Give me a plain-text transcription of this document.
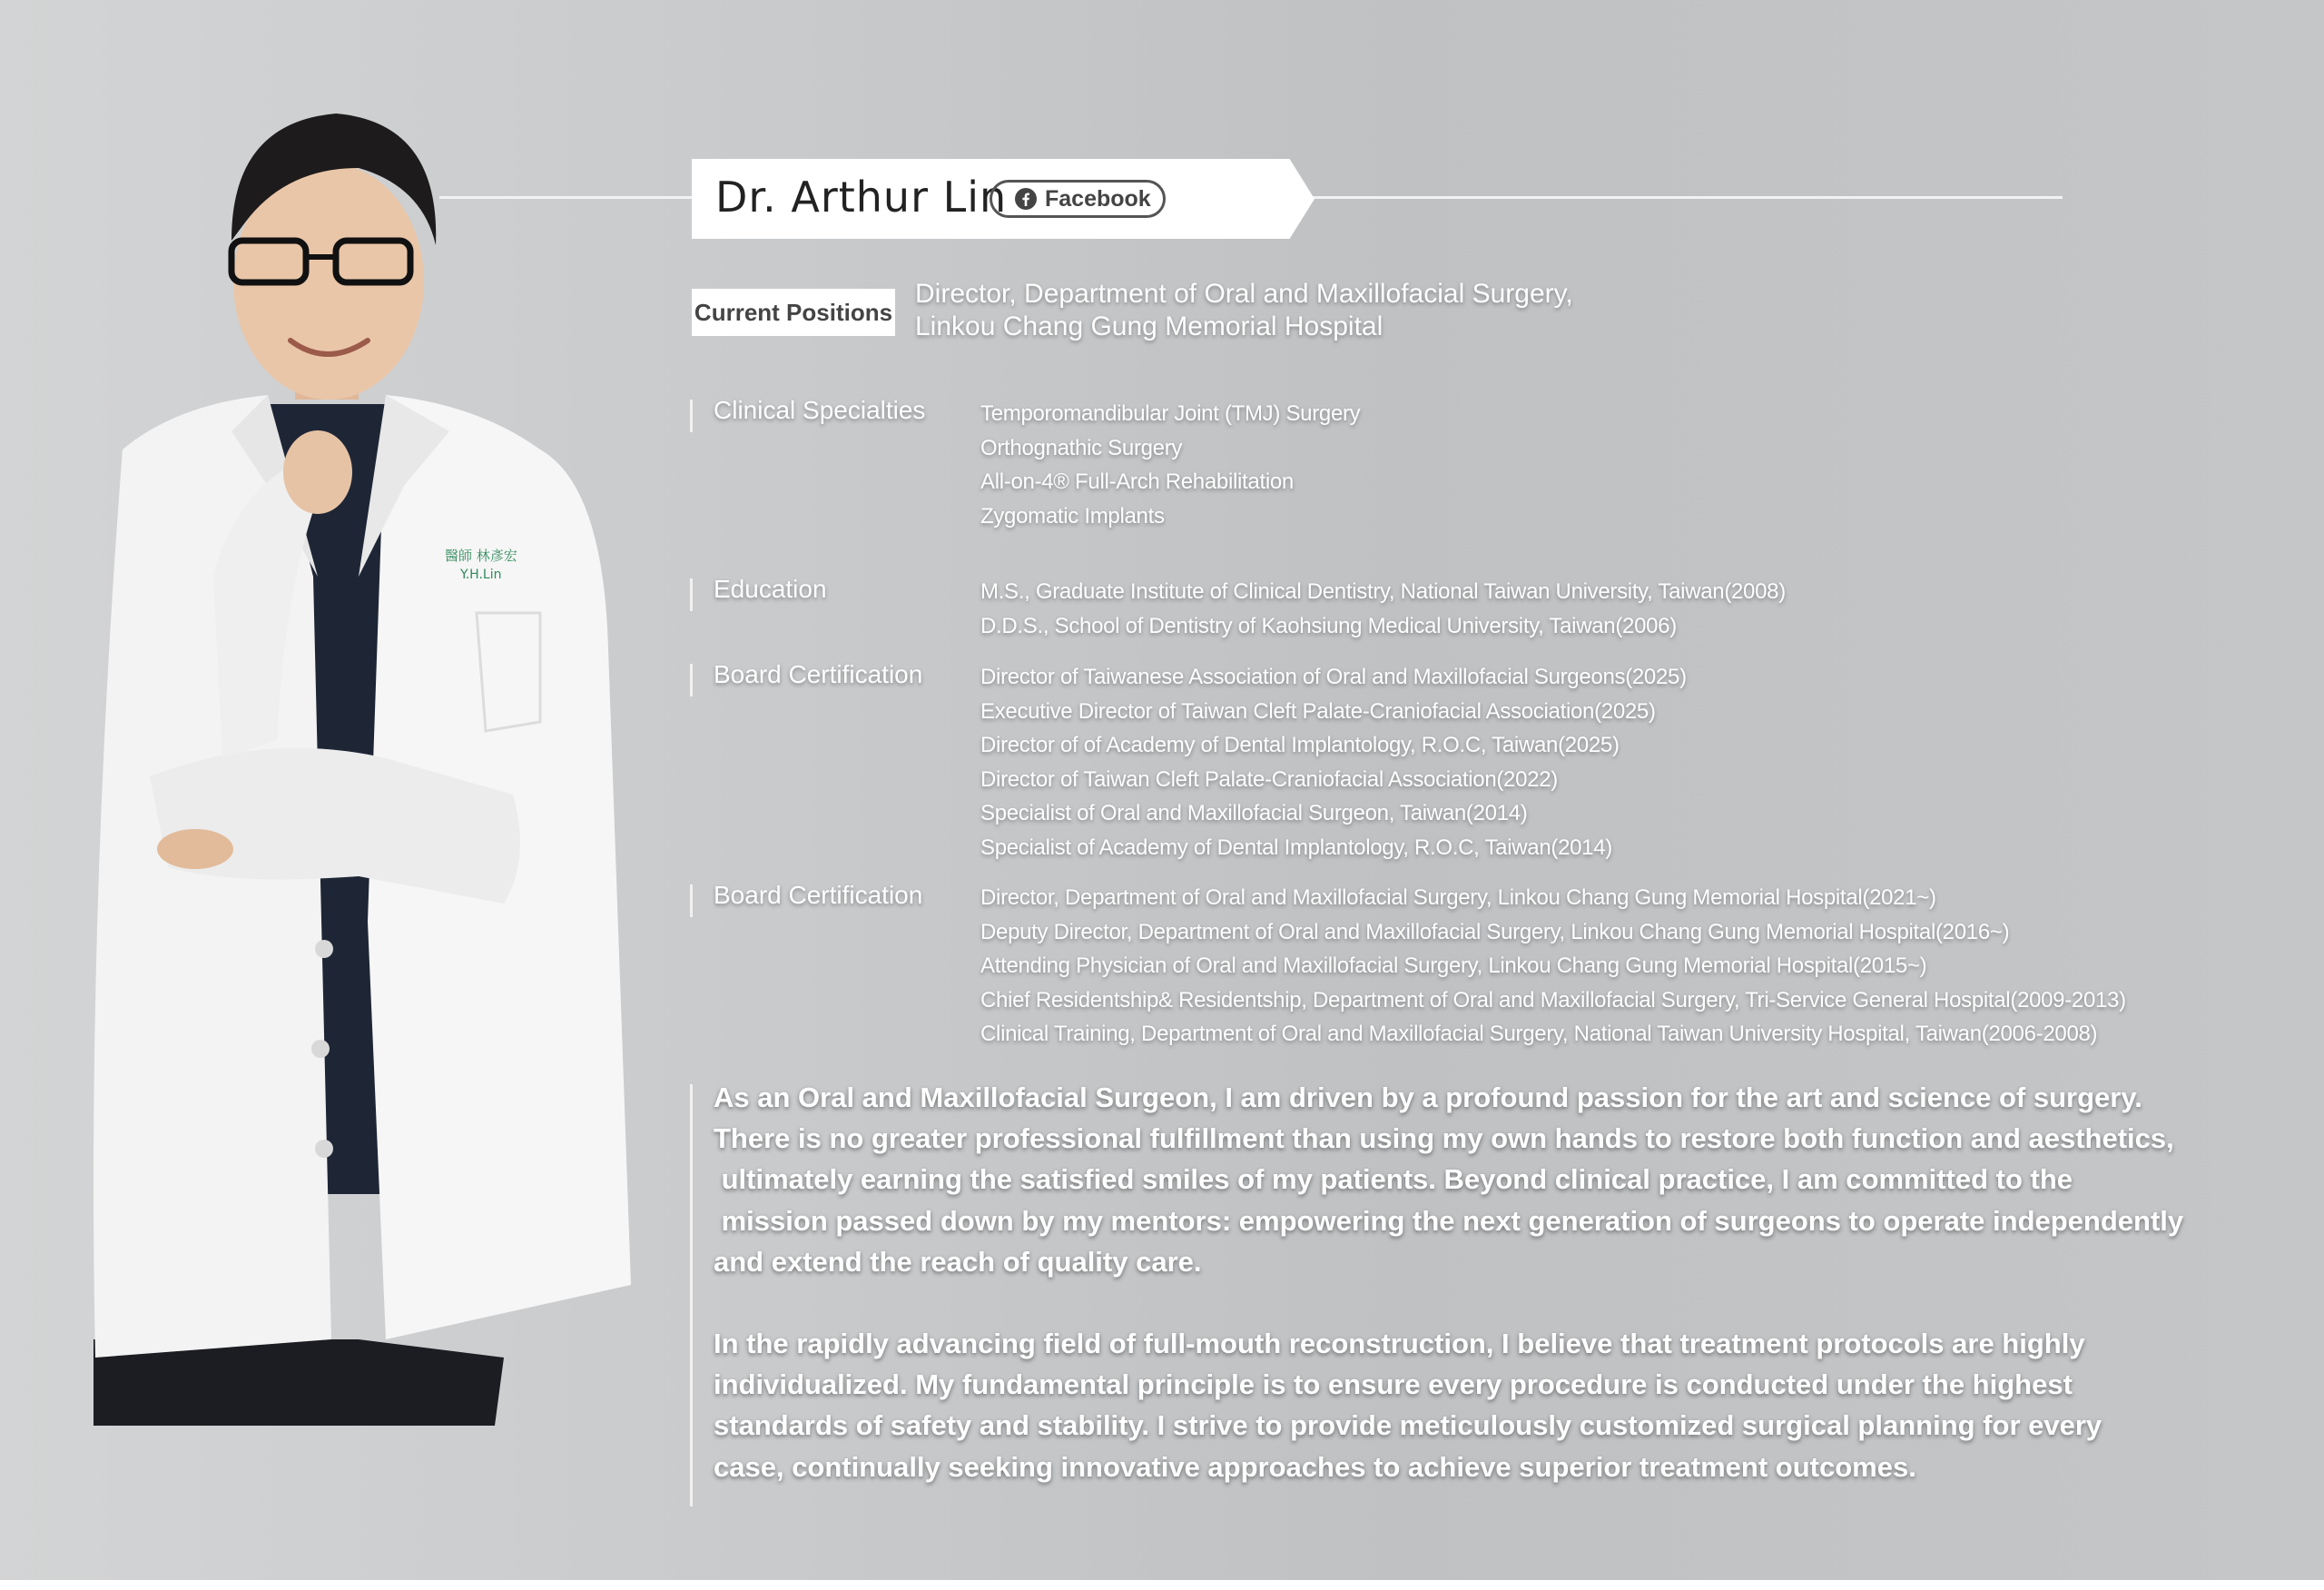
醫師 林彥宏
Y.H.Lin
Dr. Arthur Lin Facebook
Current Positions
Director, Department of Oral and Maxillofacial Surgery,
Linkou Chang Gung Memorial Hospital
Clinical Specialties	Temporomandibular Joint (TMJ) Surgery
Orthognathic Surgery
All-on-4® Full-Arch Rehabilitation
Zygomatic Implants
Education	M.S., Graduate Institute of Clinical Dentistry, National Taiwan University, Taiwan(2008)
D.D.S., School of Dentistry of Kaohsiung Medical University, Taiwan(2006)
Board Certification	Director of Taiwanese Association of Oral and Maxillofacial Surgeons(2025)
Executive Director of Taiwan Cleft Palate-Craniofacial Association(2025)
Director of of Academy of Dental Implantology, R.O.C, Taiwan(2025)
Director of Taiwan Cleft Palate-Craniofacial Association(2022)
Specialist of Oral and Maxillofacial Surgeon, Taiwan(2014)
Specialist of Academy of Dental Implantology, R.O.C, Taiwan(2014)
Board Certification	Director, Department of Oral and Maxillofacial Surgery, Linkou Chang Gung Memorial Hospital(2021~)
Deputy Director, Department of Oral and Maxillofacial Surgery, Linkou Chang Gung Memorial Hospital(2016~)
Attending Physician of Oral and Maxillofacial Surgery, Linkou Chang Gung Memorial Hospital(2015~)
Chief Residentship& Residentship, Department of Oral and Maxillofacial Surgery, Tri-Service General Hospital(2009-2013)
Clinical Training, Department of Oral and Maxillofacial Surgery, National Taiwan University Hospital, Taiwan(2006-2008)
As an Oral and Maxillofacial Surgeon, I am driven by a profound passion for the art and science of surgery.
There is no greater professional fulfillment than using my own hands to restore both function and aesthetics,
ultimately earning the satisfied smiles of my patients. Beyond clinical practice, I am committed to the
mission passed down by my mentors: empowering the next generation of surgeons to operate independently
and extend the reach of quality care.
In the rapidly advancing field of full-mouth reconstruction, I believe that treatment protocols are highly
individualized. My fundamental principle is to ensure every procedure is conducted under the highest
standards of safety and stability. I strive to provide meticulously customized surgical planning for every
case, continually seeking innovative approaches to achieve superior treatment outcomes.
